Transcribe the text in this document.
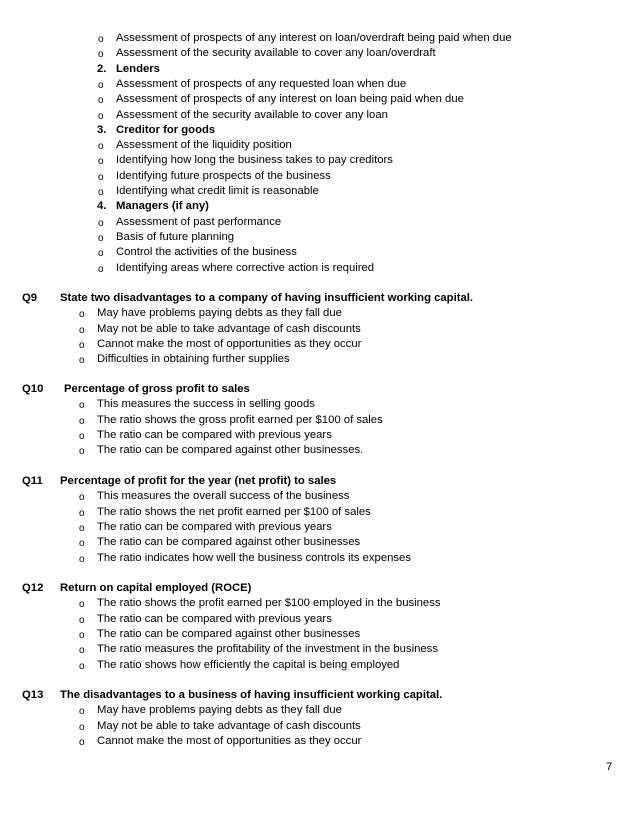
o Assessment of prospects of any interest on loan/overdraft being paid when due
o Assessment of the security available to cover any loan/overdraft
2. Lenders
o Assessment of prospects of any requested loan when due
o Assessment of prospects of any interest on loan being paid when due
o Assessment of the security available to cover any loan
3. Creditor for goods
o Assessment of the liquidity position
o Identifying how long the business takes to pay creditors
o Identifying future prospects of the business
o Identifying what credit limit is reasonable
4. Managers (if any)
o Assessment of past performance
o Basis of future planning
o Control the activities of the business
o Identifying areas where corrective action is required
Q9 State two disadvantages to a company of having insufficient working capital.
o May have problems paying debts as they fall due
o May not be able to take advantage of cash discounts
o Cannot make the most of opportunities as they occur
o Difficulties in obtaining further supplies
Q10 Percentage of gross profit to sales
o This measures the success in selling goods
o The ratio shows the gross profit earned per $100 of sales
o The ratio can be compared with previous years
o The ratio can be compared against other businesses.
Q11 Percentage of profit for the year (net profit) to sales
o This measures the overall success of the business
o The ratio shows the net profit earned per $100 of sales
o The ratio can be compared with previous years
o The ratio can be compared against other businesses
o The ratio indicates how well the business controls its expenses
Q12 Return on capital employed (ROCE)
o The ratio shows the profit earned per $100 employed in the business
o The ratio can be compared with previous years
o The ratio can be compared against other businesses
o The ratio measures the profitability of the investment in the business
o The ratio shows how efficiently the capital is being employed
Q13 The disadvantages to a business of having insufficient working capital.
o May have problems paying debts as they fall due
o May not be able to take advantage of cash discounts
o Cannot make the most of opportunities as they occur
7
